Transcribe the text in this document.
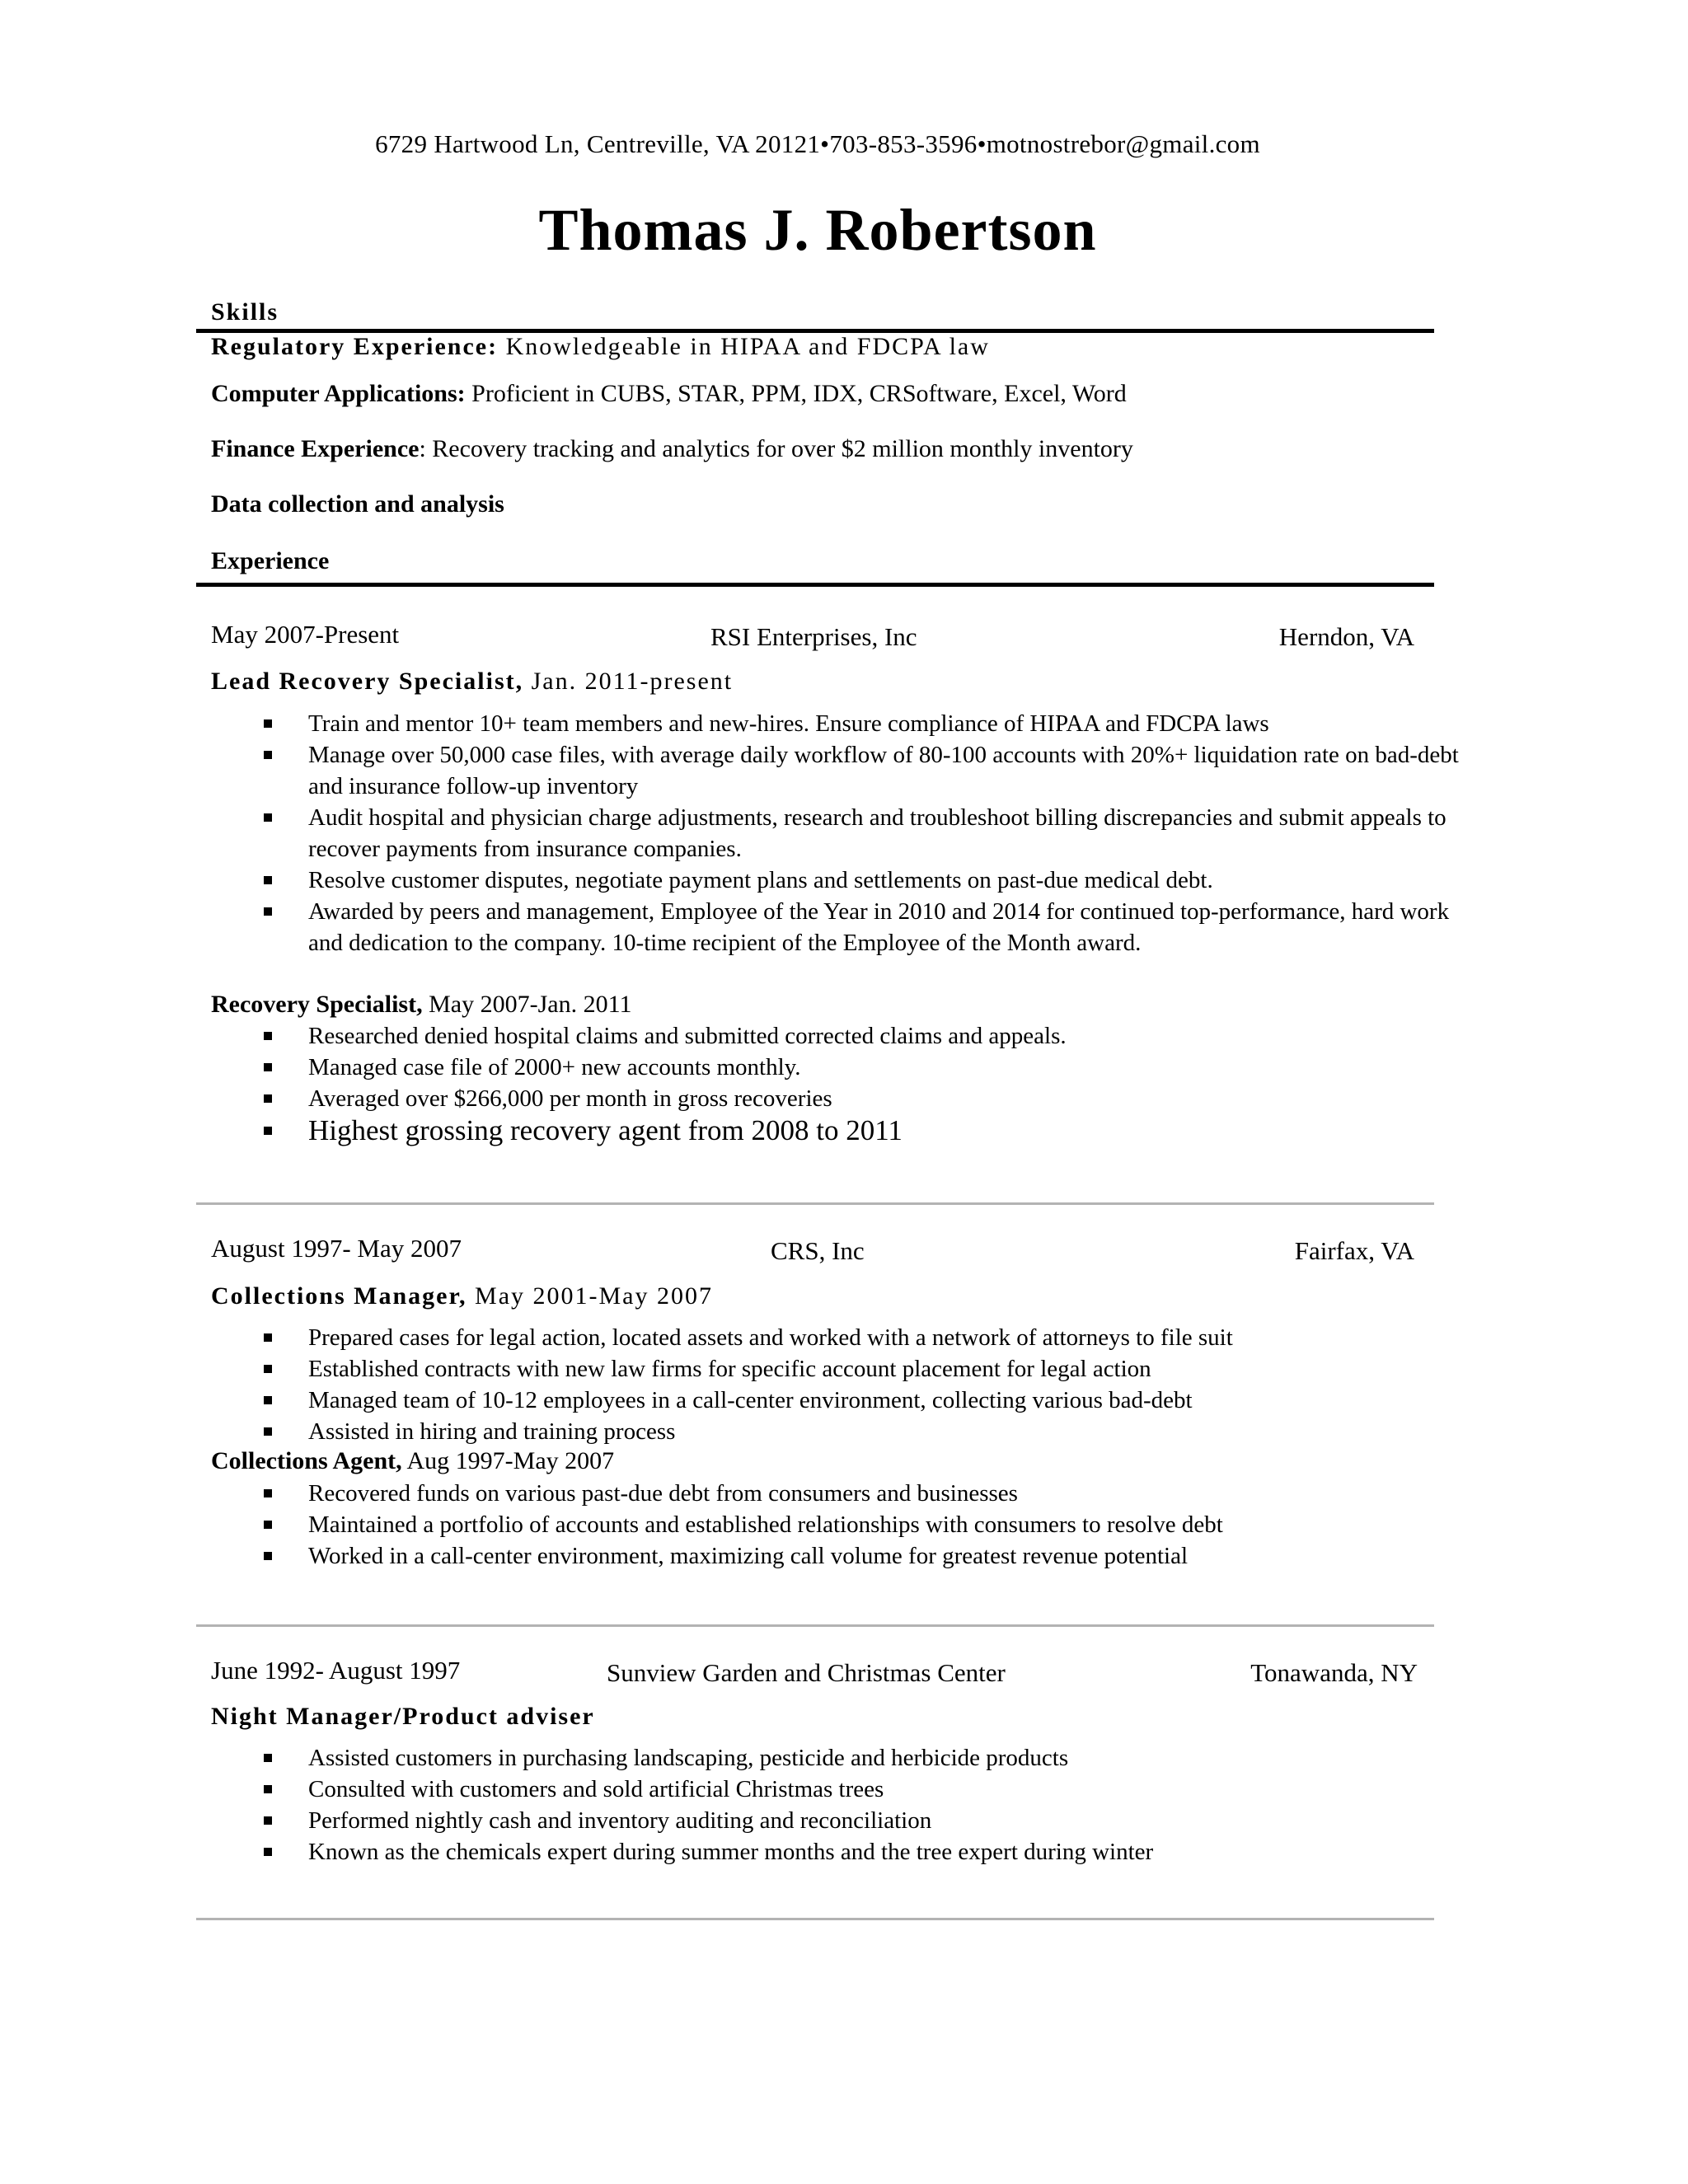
6729 Hartwood Ln, Centreville, VA 20121•703-853-3596•motnostrebor@gmail.com
Thomas J. Robertson
Skills
Regulatory Experience: Knowledgeable in HIPAA and FDCPA law
Computer Applications: Proficient in CUBS, STAR, PPM, IDX, CRSoftware, Excel, Word
Finance Experience: Recovery tracking and analytics for over $2 million monthly inventory
Data collection and analysis
Experience
May 2007-Present	RSI Enterprises, Inc	Herndon, VA
Lead Recovery Specialist, Jan. 2011-present
Train and mentor 10+ team members and new-hires. Ensure compliance of HIPAA and FDCPA laws
Manage over 50,000 case files, with average daily workflow of 80-100 accounts with 20%+ liquidation rate on bad-debt and insurance follow-up inventory
Audit hospital and physician charge adjustments, research and troubleshoot billing discrepancies and submit appeals to recover payments from insurance companies.
Resolve customer disputes, negotiate payment plans and settlements on past-due medical debt.
Awarded by peers and management, Employee of the Year in 2010 and 2014 for continued top-performance, hard work and dedication to the company. 10-time recipient of the Employee of the Month award.
Recovery Specialist, May 2007-Jan. 2011
Researched denied hospital claims and submitted corrected claims and appeals.
Managed case file of 2000+ new accounts monthly.
Averaged over $266,000 per month in gross recoveries
Highest grossing recovery agent from 2008 to 2011
August 1997- May 2007	CRS, Inc	Fairfax, VA
Collections Manager, May 2001-May 2007
Prepared cases for legal action, located assets and worked with a network of attorneys to file suit
Established contracts with new law firms for specific account placement for legal action
Managed team of 10-12 employees in a call-center environment, collecting various bad-debt
Assisted in hiring and training process
Collections Agent, Aug 1997-May 2007
Recovered funds on various past-due debt from consumers and businesses
Maintained a portfolio of accounts and established relationships with consumers to resolve debt
Worked in a call-center environment, maximizing call volume for greatest revenue potential
June 1992- August 1997	Sunview Garden and Christmas Center	Tonawanda, NY
Night Manager/Product adviser
Assisted customers in purchasing landscaping, pesticide and herbicide products
Consulted with customers and sold artificial Christmas trees
Performed nightly cash and inventory auditing and reconciliation
Known as the chemicals expert during summer months and the tree expert during winter
